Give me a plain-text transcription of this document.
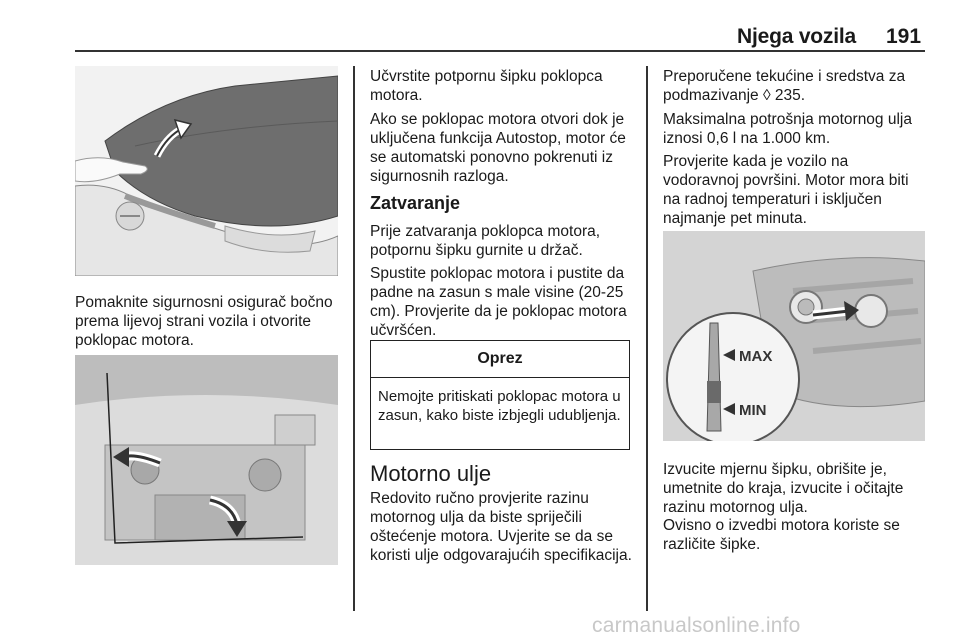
Njega vozila 191

Pomaknite sigurnosni osigurač bočno prema lijevoj strani vozila i otvorite poklopac motora.

Učvrstite potpornu šipku poklopca motora.

Ako se poklopac motora otvori dok je uključena funkcija Autostop, motor će se automatski ponovno pokrenuti iz sigurnosnih razloga.

Zatvaranje

Prije zatvaranja poklopca motora, potpornu šipku gurnite u držač.

Spustite poklopac motora i pustite da padne na zasun s male visine (20-25 cm). Provjerite da je poklopac motora učvršćen.

Oprez

Nemojte pritiskati poklopac motora u zasun, kako biste izbjegli udubljenja.

Motorno ulje

Redovito ručno provjerite razinu motornog ulja da biste spriječili oštećenje motora. Uvjerite se da se koristi ulje odgovarajućih specifikacija.

Preporučene tekućine i sredstva za podmazivanje ◊ 235.

Maksimalna potrošnja motornog ulja iznosi 0,6 l na 1.000 km.

Provjerite kada je vozilo na vodoravnoj površini. Motor mora biti na radnoj temperaturi i isključen najmanje pet minuta.

MAX
MIN

Izvucite mjernu šipku, obrišite je, umetnite do kraja, izvucite i očitajte razinu motornog ulja.

Ovisno o izvedbi motora koriste se različite šipke.

carmanualsonline.info
